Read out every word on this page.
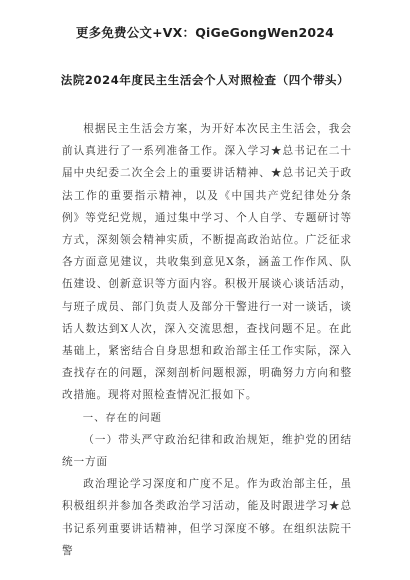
更多免费公文+VX：QiGeGongWen2024
法院2024年度民主生活会个人对照检查（四个带头）

根据民主生活会方案，为开好本次民主生活会，我会前认真进行了一系列准备工作。深入学习★总书记在二十届中央纪委二次全会上的重要讲话精神、★总书记关于政法工作的重要指示精神，以及《中国共产党纪律处分条例》等党纪党规，通过集中学习、个人自学、专题研讨等方式，深刻领会精神实质，不断提高政治站位。广泛征求各方面意见建议，共收集到意见X条，涵盖工作作风、队伍建设、创新意识等方面内容。积极开展谈心谈话活动，与班子成员、部门负责人及部分干警进行一对一谈话，谈话人数达到X人次，深入交流思想，查找问题不足。在此基础上，紧密结合自身思想和政治部主任工作实际，深入查找存在的问题，深刻剖析问题根源，明确努力方向和整改措施。现将对照检查情况汇报如下。

一、存在的问题

（一）带头严守政治纪律和政治规矩，维护党的团结统一方面

政治理论学习深度和广度不足。作为政治部主任，虽积极组织并参加各类政治学习活动，能及时跟进学习★总书记系列重要讲话精神，但学习深度不够。在组织法院干警
